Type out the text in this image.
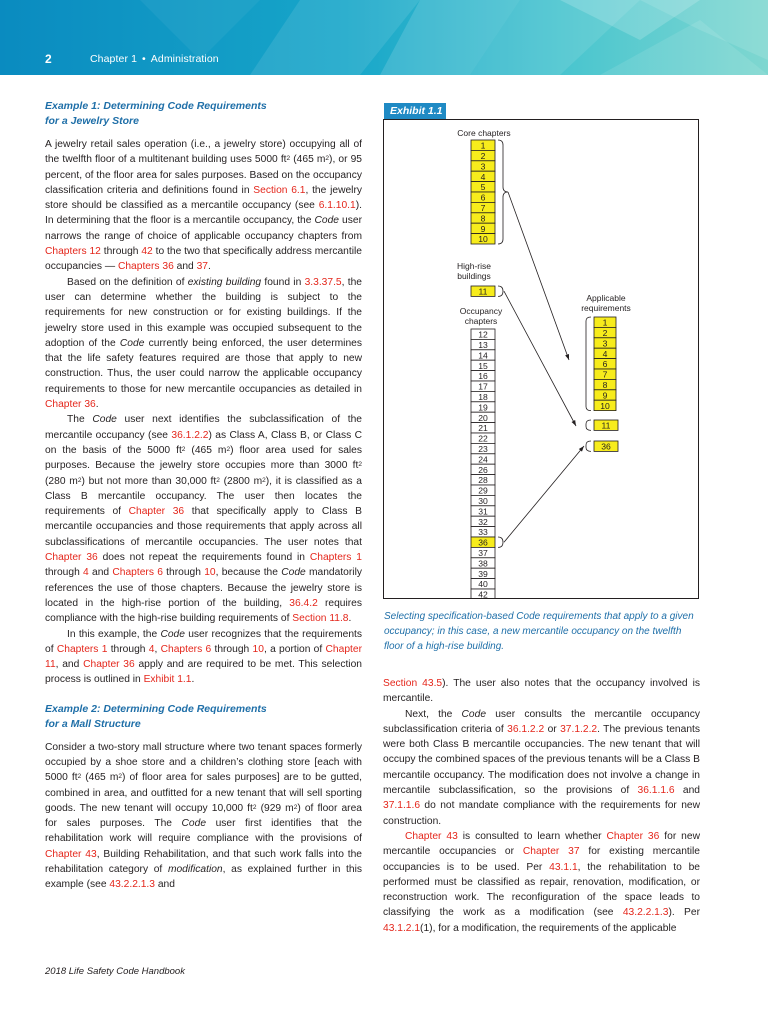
2	Chapter 1 • Administration
Example 1: Determining Code Requirements
for a Jewelry Store

A jewelry retail sales operation (i.e., a jewelry store) occupying all of the twelfth floor of a multitenant building uses 5000 $ft^2$ (465 $m^2$), or 95 percent, of the floor area for sales purposes. Based on the occupancy classification criteria and definitions found in Section 6.1, the jewelry store should be classified as a mercantile occupancy (see 6.1.10.1). In determining that the floor is a mercantile occupancy, the Code user narrows the range of choice of applicable occupancy chapters from Chapters 12 through 42 to the two that specifically address mercantile occupancies — Chapters 36 and 37.

Based on the definition of existing building found in 3.3.37.5, the user can determine whether the building is subject to the requirements for new construction or for existing buildings. If the jewelry store used in this example was occupied subsequent to the adoption of the Code currently being enforced, the user determines that the life safety features required are those that apply to new construction. Thus, the user could narrow the applicable occupancy requirements to those for new mercantile occupancies as detailed in Chapter 36.

The Code user next identifies the subclassification of the mercantile occupancy (see 36.1.2.2) as Class A, Class B, or Class C on the basis of the 5000 $ft^2$ (465 $m^2$) floor area used for sales purposes. Because the jewelry store occupies more than 3000 $ft^2$ (280 $m^2$) but not more than 30,000 $ft^2$ (2800 $m^2$), it is classified as a Class B mercantile occupancy. The user then locates the requirements of Chapter 36 that specifically apply to Class B mercantile occupancies and those requirements that apply across all subclassifications of mercantile occupancies. The user notes that Chapter 36 does not repeat the requirements found in Chapters 1 through 4 and Chapters 6 through 10, because the Code mandatorily references the use of those chapters. Because the jewelry store is located in the high-rise portion of the building, 36.4.2 requires compliance with the high-rise building requirements of Section 11.8.

In this example, the Code user recognizes that the requirements of Chapters 1 through 4, Chapters 6 through 10, a portion of Chapter 11, and Chapter 36 apply and are required to be met. This selection process is outlined in Exhibit 1.1.

Example 2: Determining Code Requirements
for a Mall Structure

Consider a two-story mall structure where two tenant spaces formerly occupied by a shoe store and a children’s clothing store [each with 5000 $ft^2$ (465 $m^2$) of floor area for sales purposes] are to be gutted, combined in area, and outfitted for a new tenant that will sell sporting goods. The new tenant will occupy 10,000 $ft^2$ (929 $m^2$) of floor area for sales purposes. The Code user first identifies that the rehabilitation work will require compliance with the provisions of Chapter 43, Building Rehabilitation, and that such work falls into the rehabilitation category of modification, as explained further in this example (see 43.2.2.1.3 and

Exhibit 1.1
Core chapters
High-rise
buildings
Occupancy
chapters
Applicable
requirements
1
2
3
4
5
6
7
8
9
10
11
12
13
14
15
16
17
18
19
20
21
22
23
24
26
28
29
30
31
32
33
36
37
38
39
40
42
1
2
3
4
6
7
8
9
10
11
36
Selecting specification-based Code requirements that apply to a given occupancy; in this case, a new mercantile occupancy on the twelfth floor of a high-rise building.

Section 43.5). The user also notes that the occupancy involved is mercantile.

Next, the Code user consults the mercantile occupancy subclassification criteria of 36.1.2.2 or 37.1.2.2. The previous tenants were both Class B mercantile occupancies. The new tenant that will occupy the combined spaces of the previous tenants will be a Class B mercantile occupancy. The modification does not involve a change in mercantile subclassification, so the provisions of 36.1.1.6 and 37.1.1.6 do not mandate compliance with the requirements for new construction.

Chapter 43 is consulted to learn whether Chapter 36 for new mercantile occupancies or Chapter 37 for existing mercantile occupancies is to be used. Per 43.1.1, the rehabilitation to be performed must be classified as repair, renovation, modification, or reconstruction work. The reconfiguration of the space leads to classifying the work as a modification (see 43.2.2.1.3). Per 43.1.2.1(1), for a modification, the requirements of the applicable

2018 Life Safety Code Handbook
